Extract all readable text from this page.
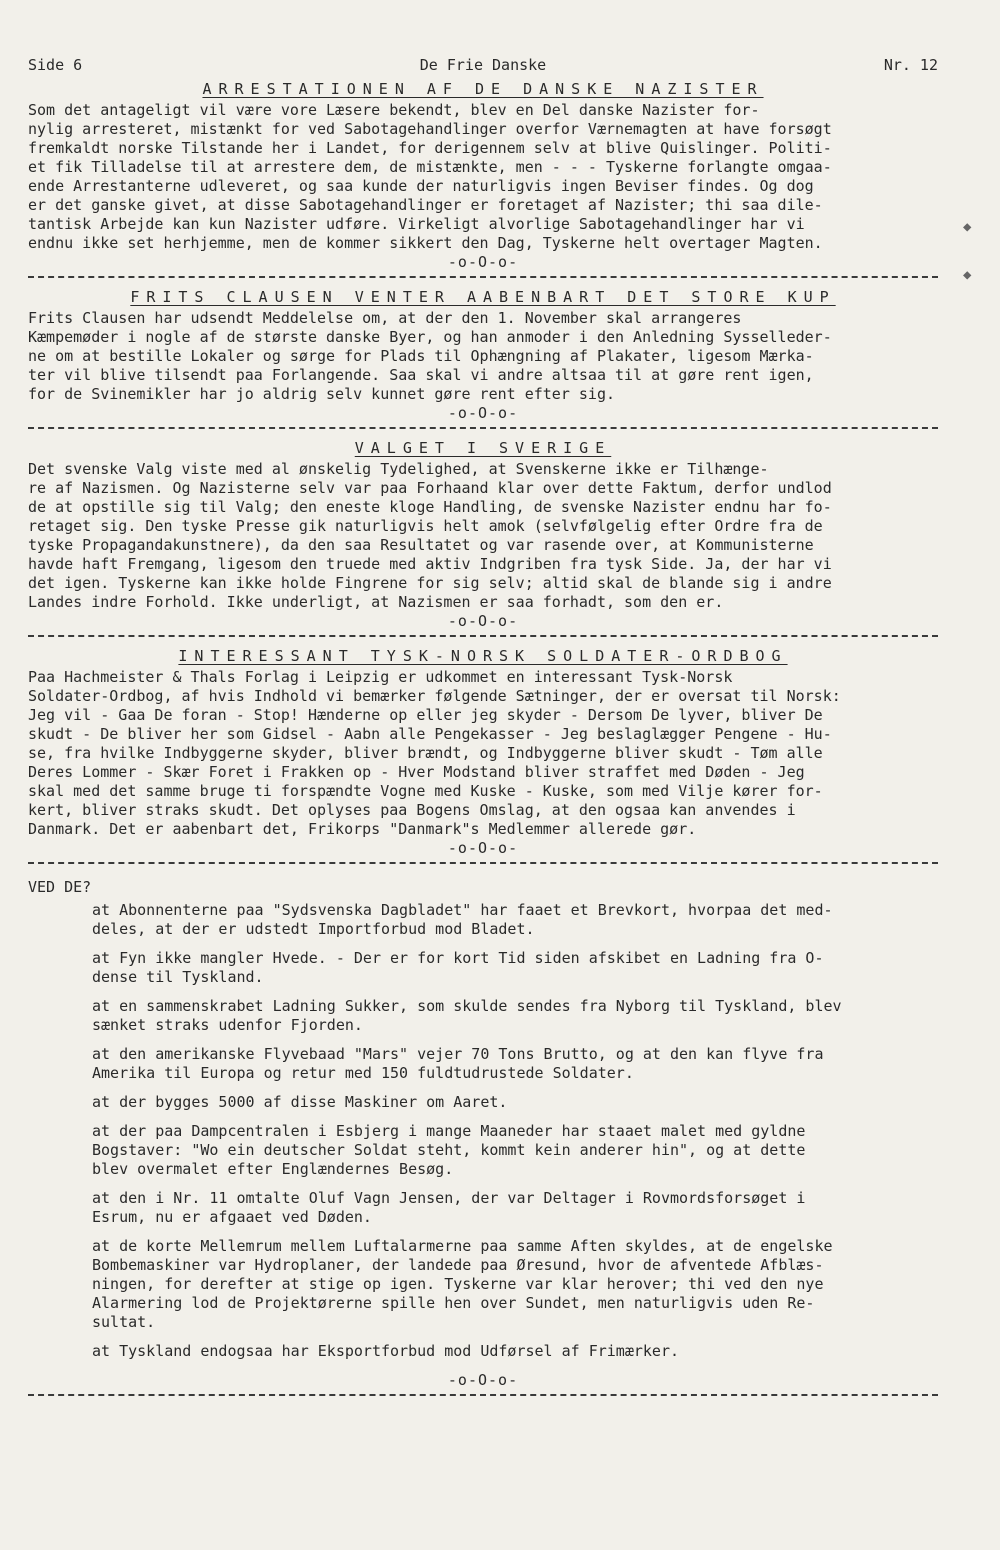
Side 6	De Frie Danske	Nr. 12
ARRESTATIONEN AF DE DANSKE NAZISTER

Som det antageligt vil være vore Læsere bekendt, blev en Del danske Nazister for-
nylig arresteret, mistænkt for ved Sabotagehandlinger overfor Værnemagten at have forsøgt
fremkaldt norske Tilstande her i Landet, for derigennem selv at blive Quislinger. Politi-
et fik Tilladelse til at arrestere dem, de mistænkte, men - - - Tyskerne forlangte omgaa-
ende Arrestanterne udleveret, og saa kunde der naturligvis ingen Beviser findes. Og dog
er det ganske givet, at disse Sabotagehandlinger er foretaget af Nazister; thi saa dile-
tantisk Arbejde kan kun Nazister udføre. Virkeligt alvorlige Sabotagehandlinger har vi
endnu ikke set herhjemme, men de kommer sikkert den Dag, Tyskerne helt overtager Magten.

-o-O-o-

FRITS CLAUSEN VENTER AABENBART DET STORE KUP

Frits Clausen har udsendt Meddelelse om, at der den 1. November skal arrangeres
Kæmpemøder i nogle af de største danske Byer, og han anmoder i den Anledning Sysselleder-
ne om at bestille Lokaler og sørge for Plads til Ophængning af Plakater, ligesom Mærka-
ter vil blive tilsendt paa Forlangende. Saa skal vi andre altsaa til at gøre rent igen,
for de Svinemikler har jo aldrig selv kunnet gøre rent efter sig.

-o-O-o-

VALGET I SVERIGE

Det svenske Valg viste med al ønskelig Tydelighed, at Svenskerne ikke er Tilhænge-
re af Nazismen. Og Nazisterne selv var paa Forhaand klar over dette Faktum, derfor undlod
de at opstille sig til Valg; den eneste kloge Handling, de svenske Nazister endnu har fo-
retaget sig. Den tyske Presse gik naturligvis helt amok (selvfølgelig efter Ordre fra de
tyske Propagandakunstnere), da den saa Resultatet og var rasende over, at Kommunisterne
havde haft Fremgang, ligesom den truede med aktiv Indgriben fra tysk Side. Ja, der har vi
det igen. Tyskerne kan ikke holde Fingrene for sig selv; altid skal de blande sig i andre
Landes indre Forhold. Ikke underligt, at Nazismen er saa forhadt, som den er.

-o-O-o-

INTERESSANT TYSK-NORSK SOLDATER-ORDBOG

Paa Hachmeister & Thals Forlag i Leipzig er udkommet en interessant Tysk-Norsk
Soldater-Ordbog, af hvis Indhold vi bemærker følgende Sætninger, der er oversat til Norsk:
Jeg vil - Gaa De foran - Stop! Hænderne op eller jeg skyder - Dersom De lyver, bliver De
skudt - De bliver her som Gidsel - Aabn alle Pengekasser - Jeg beslaglægger Pengene - Hu-
se, fra hvilke Indbyggerne skyder, bliver brændt, og Indbyggerne bliver skudt - Tøm alle
Deres Lommer - Skær Foret i Frakken op - Hver Modstand bliver straffet med Døden - Jeg
skal med det samme bruge ti forspændte Vogne med Kuske - Kuske, som med Vilje kører for-
kert, bliver straks skudt. Det oplyses paa Bogens Omslag, at den ogsaa kan anvendes i
Danmark. Det er aabenbart det, Frikorps "Danmark"s Medlemmer allerede gør.

-o-O-o-

VED DE?
at Abonnenterne paa "Sydsvenska Dagbladet" har faaet et Brevkort, hvorpaa det med-
deles, at der er udstedt Importforbud mod Bladet.
at Fyn ikke mangler Hvede. - Der er for kort Tid siden afskibet en Ladning fra O-
dense til Tyskland.
at en sammenskrabet Ladning Sukker, som skulde sendes fra Nyborg til Tyskland, blev
sænket straks udenfor Fjorden.
at den amerikanske Flyvebaad "Mars" vejer 70 Tons Brutto, og at den kan flyve fra
Amerika til Europa og retur med 150 fuldtudrustede Soldater.
at der bygges 5000 af disse Maskiner om Aaret.
at der paa Dampcentralen i Esbjerg i mange Maaneder har staaet malet med gyldne
Bogstaver: "Wo ein deutscher Soldat steht, kommt kein anderer hin", og at dette
blev overmalet efter Englændernes Besøg.
at den i Nr. 11 omtalte Oluf Vagn Jensen, der var Deltager i Rovmordsforsøget i
Esrum, nu er afgaaet ved Døden.
at de korte Mellemrum mellem Luftalarmerne paa samme Aften skyldes, at de engelske
Bombemaskiner var Hydroplaner, der landede paa Øresund, hvor de afventede Afblæs-
ningen, for derefter at stige op igen. Tyskerne var klar herover; thi ved den nye
Alarmering lod de Projektørerne spille hen over Sundet, men naturligvis uden Re-
sultat.
at Tyskland endogsaa har Eksportforbud mod Udførsel af Frimærker.

-o-O-o-

◆
◆
